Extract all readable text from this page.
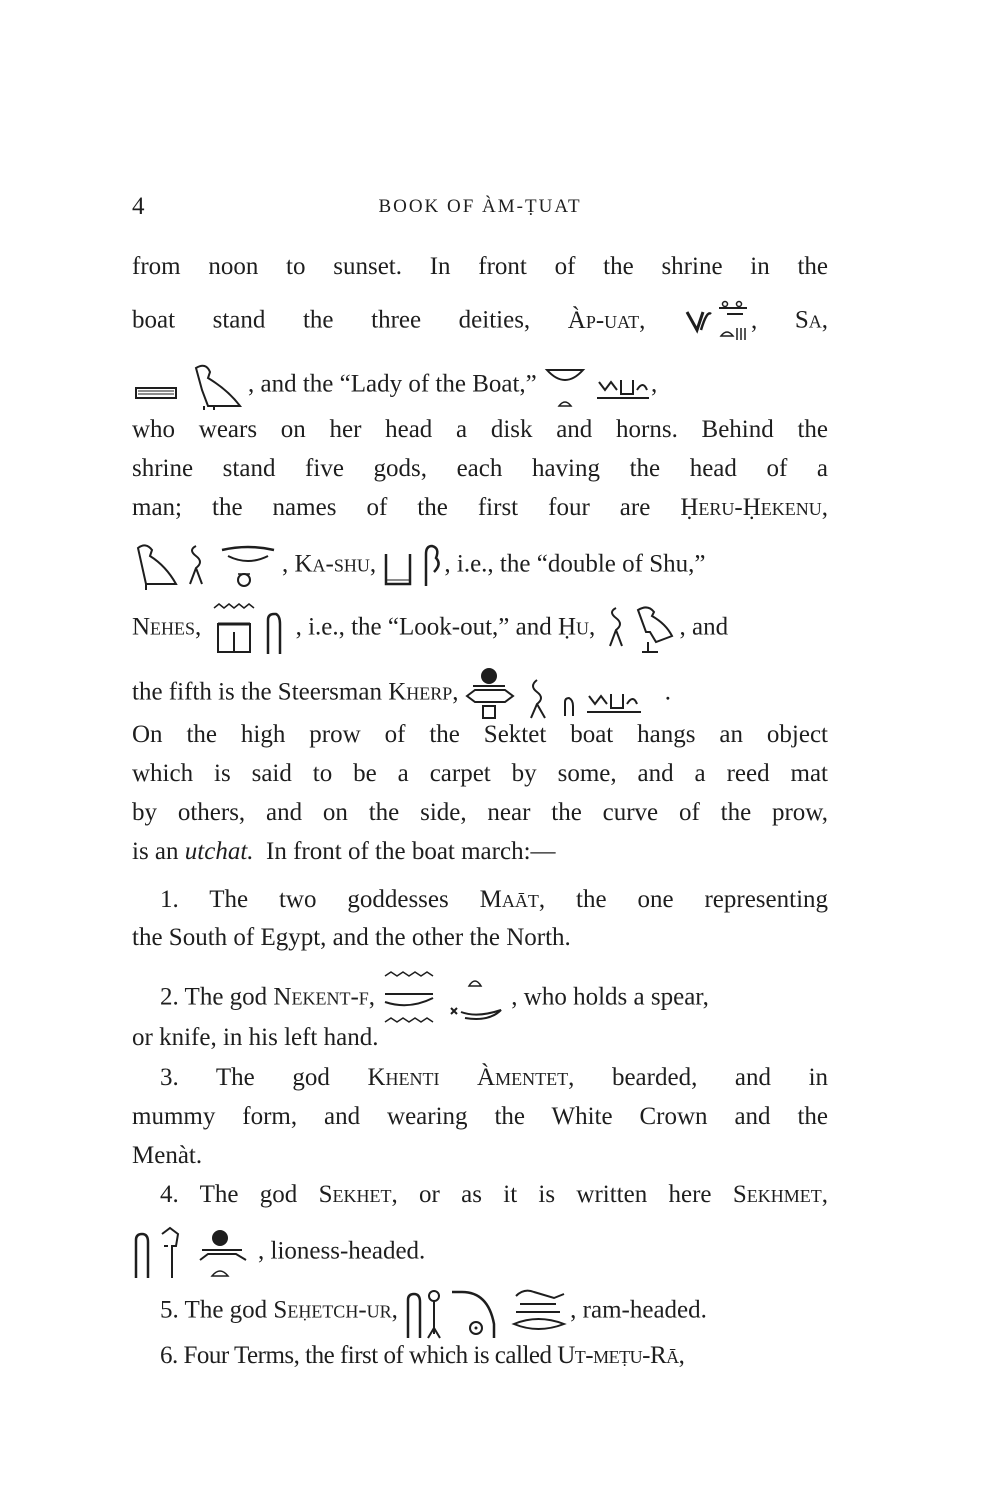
4	BOOK OF ÀM-ṬUAT
from noon to sunset. In front of the shrine in the
boat stand the three deities, Àp-uat,	, Sa,
, and the “Lady of the Boat,”	,
who wears on her head a disk and horns. Behind the
shrine stand five gods, each having the head of a
man; the names of the first four are Ḥeru-Ḥekenu,
, Ka-shu,	, i.e., the “double of Shu,”
Nehes,	, i.e., the “Look-out,” and Ḥu,	, and
the fifth is the Steersman Kherp,	.
On the high prow of the Sektet boat hangs an object
which is said to be a carpet by some, and a reed mat
by others, and on the side, near the curve of the prow,
is an utchat. In front of the boat march:—
1. The two goddesses Maāt, the one representing
the South of Egypt, and the other the North.
2. The god Nekent-f,	, who holds a spear,
or knife, in his left hand.
3. The god Khenti Àmentet, bearded, and in
mummy form, and wearing the White Crown and the
Menàt.
4. The god Sekhet, or as it is written here Sekhmet,
, lioness-headed.
5. The god Seḥetch-ur,	, ram-headed.
6. Four Terms, the first of which is called Ut-meṭu-Rā,
